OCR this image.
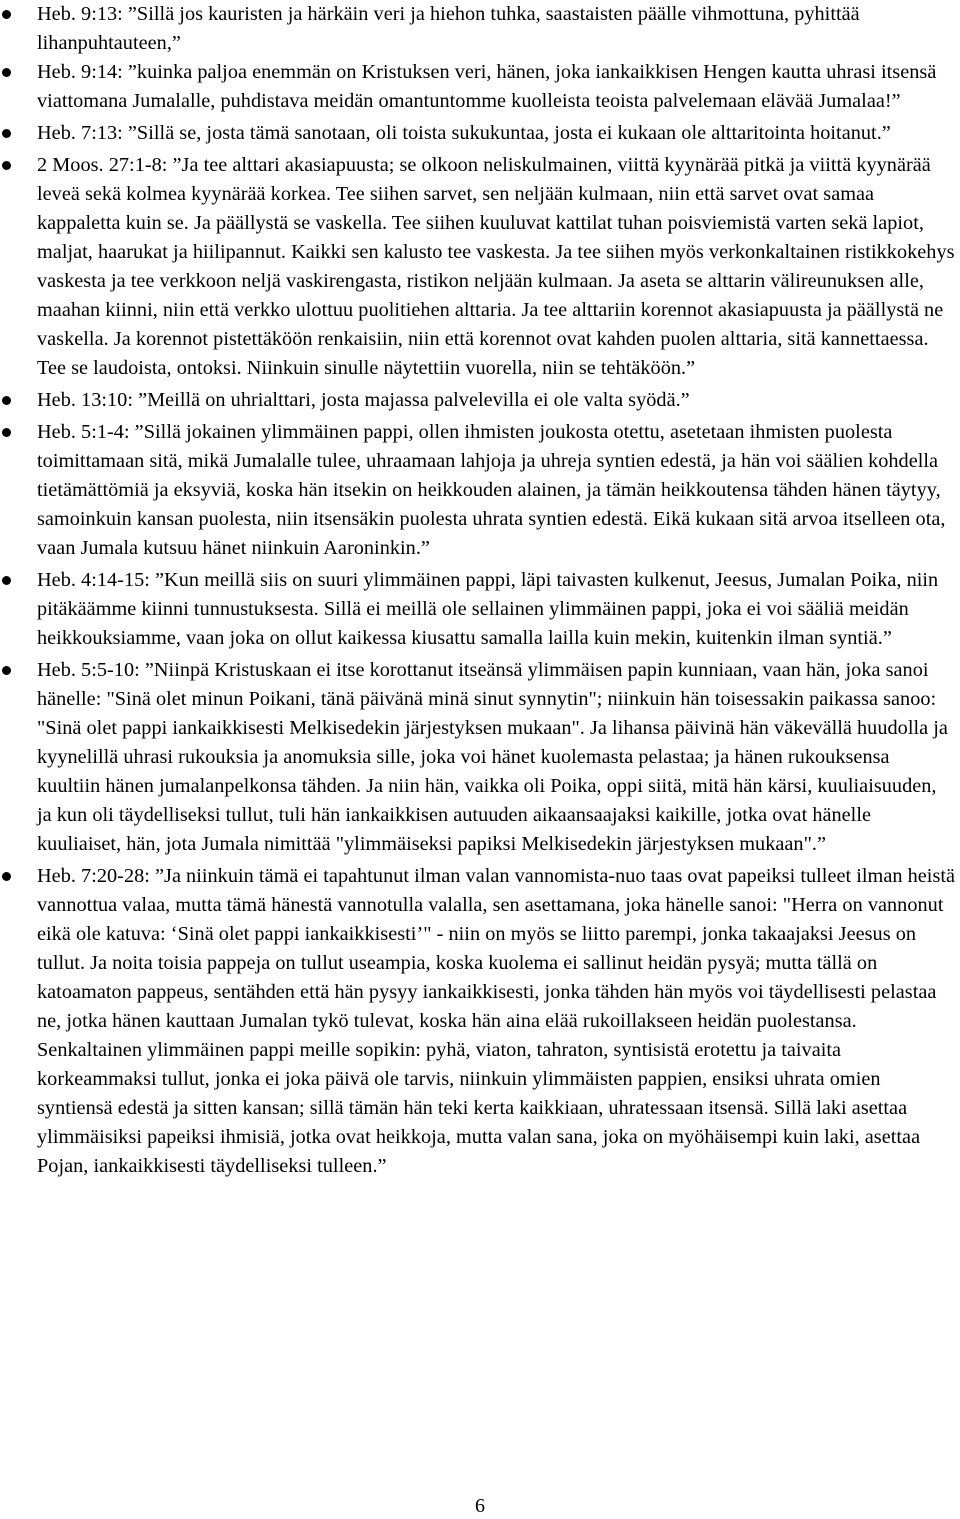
Heb. 9:13: ”Sillä jos kauristen ja härkäin veri ja hiehon tuhka, saastaisten päälle vihmottuna, pyhittää lihanpuhtauteen,”
Heb. 9:14: ”kuinka paljoa enemmän on Kristuksen veri, hänen, joka iankaikkisen Hengen kautta uhrasi itsensä viattomana Jumalalle, puhdistava meidän omantuntomme kuolleista teoista palvelemaan elävää Jumalaa!”
Heb. 7:13: ”Sillä se, josta tämä sanotaan, oli toista sukukuntaa, josta ei kukaan ole alttaritointa hoitanut.”
2 Moos. 27:1-8: ”Ja tee alttari akasiapuusta; se olkoon neliskulmainen, viittä kyynärää pitkä ja viittä kyynärää leveä sekä kolmea kyynärää korkea. Tee siihen sarvet, sen neljään kulmaan, niin että sarvet ovat samaa kappaletta kuin se. Ja päällystä se vaskella. Tee siihen kuuluvat kattilat tuhan poisviemistä varten sekä lapiot, maljat, haarukat ja hiilipannut. Kaikki sen kalusto tee vaskesta. Ja tee siihen myös verkonkaltainen ristikkokehys vaskesta ja tee verkkoon neljä vaskirengasta, ristikon neljään kulmaan. Ja aseta se alttarin välireunuksen alle, maahan kiinni, niin että verkko ulottuu puolitiehen alttaria. Ja tee alttariin korennot akasiapuusta ja päällystä ne vaskella. Ja korennot pistettäköön renkaisiin, niin että korennot ovat kahden puolen alttaria, sitä kannettaessa. Tee se laudoista, ontoksi. Niinkuin sinulle näytettiin vuorella, niin se tehtäköön.”
Heb. 13:10: ”Meillä on uhrialttari, josta majassa palvelevilla ei ole valta syödä.”
Heb. 5:1-4: ”Sillä jokainen ylimmäinen pappi, ollen ihmisten joukosta otettu, asetetaan ihmisten puolesta toimittamaan sitä, mikä Jumalalle tulee, uhraamaan lahjoja ja uhreja syntien edestä, ja hän voi säälien kohdella tietämättömiä ja eksyviä, koska hän itsekin on heikkouden alainen, ja tämän heikkoutensa tähden hänen täytyy, samoinkuin kansan puolesta, niin itsensäkin puolesta uhrata syntien edestä. Eikä kukaan sitä arvoa itselleen ota, vaan Jumala kutsuu hänet niinkuin Aaroninkin.”
Heb. 4:14-15: ”Kun meillä siis on suuri ylimmäinen pappi, läpi taivasten kulkenut, Jeesus, Jumalan Poika, niin pitäkäämme kiinni tunnustuksesta. Sillä ei meillä ole sellainen ylimmäinen pappi, joka ei voi sääliä meidän heikkouksiamme, vaan joka on ollut kaikessa kiusattu samalla lailla kuin mekin, kuitenkin ilman syntiä.”
Heb. 5:5-10: ”Niinpä Kristuskaan ei itse korottanut itseänsä ylimmäisen papin kunniaan, vaan hän, joka sanoi hänelle: "Sinä olet minun Poikani, tänä päivänä minä sinut synnytin"; niinkuin hän toisessakin paikassa sanoo: "Sinä olet pappi iankaikkisesti Melkisedekin järjestyksen mukaan". Ja lihansa päivinä hän väkevällä huudolla ja kyynelillä uhrasi rukouksia ja anomuksia sille, joka voi hänet kuolemasta pelastaa; ja hänen rukouksensa kuultiin hänen jumalanpelkonsa tähden. Ja niin hän, vaikka oli Poika, oppi siitä, mitä hän kärsi, kuuliaisuuden, ja kun oli täydelliseksi tullut, tuli hän iankaikkisen autuuden aikaansaajaksi kaikille, jotka ovat hänelle kuuliaiset, hän, jota Jumala nimittää "ylimmäiseksi papiksi Melkisedekin järjestyksen mukaan".”
Heb. 7:20-28: ”Ja niinkuin tämä ei tapahtunut ilman valan vannomista-nuo taas ovat papeiksi tulleet ilman heistä vannottua valaa, mutta tämä hänestä vannotulla valalla, sen asettamana, joka hänelle sanoi: "Herra on vannonut eikä ole katuva: ‘Sinä olet pappi iankaikkisesti’" - niin on myös se liitto parempi, jonka takaajaksi Jeesus on tullut. Ja noita toisia pappeja on tullut useampia, koska kuolema ei sallinut heidän pysyä; mutta tällä on katoamaton pappeus, sentähden että hän pysyy iankaikkisesti, jonka tähden hän myös voi täydellisesti pelastaa ne, jotka hänen kauttaan Jumalan tykö tulevat, koska hän aina elää rukoillakseen heidän puolestansa. Senkaltainen ylimmäinen pappi meille sopikin: pyhä, viaton, tahraton, syntisistä erotettu ja taivaita korkeammaksi tullut, jonka ei joka päivä ole tarvis, niinkuin ylimmäisten pappien, ensiksi uhrata omien syntiensä edestä ja sitten kansan; sillä tämän hän teki kerta kaikkiaan, uhratessaan itsensä. Sillä laki asettaa ylimmäisiksi papeiksi ihmisiä, jotka ovat heikkoja, mutta valan sana, joka on myöhäisempi kuin laki, asettaa Pojan, iankaikkisesti täydelliseksi tulleen.”
6
